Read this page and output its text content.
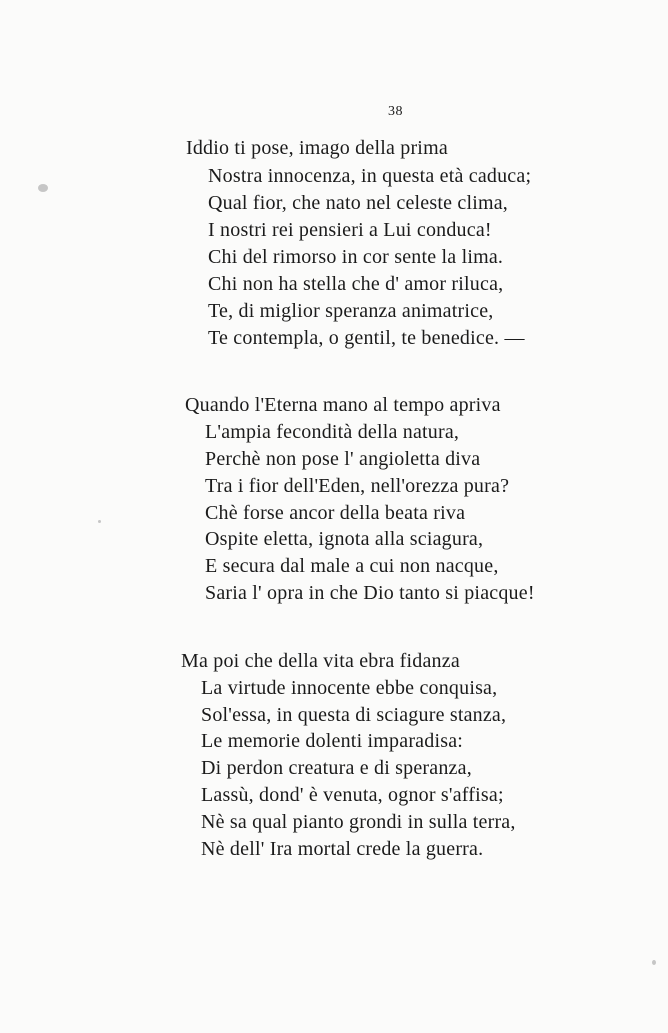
38
Iddio ti pose, imago della prima
Nostra innocenza, in questa età caduca;
Qual fior, che nato nel celeste clima,
I nostri rei pensieri a Lui conduca!
Chi del rimorso in cor sente la lima.
Chi non ha stella che d' amor riluca,
Te, di miglior speranza animatrice,
Te contempla, o gentil, te benedice. —
Quando l'Eterna mano al tempo apriva
L'ampia fecondità della natura,
Perchè non pose l' angioletta diva
Tra i fior dell'Eden, nell'orezza pura?
Chè forse ancor della beata riva
Ospite eletta, ignota alla sciagura,
E secura dal male a cui non nacque,
Saria l' opra in che Dio tanto si piacque!
Ma poi che della vita ebra fidanza
La virtude innocente ebbe conquisa,
Sol'essa, in questa di sciagure stanza,
Le memorie dolenti imparadisa:
Di perdon creatura e di speranza,
Lassù, dond' è venuta, ognor s'affisa;
Nè sa qual pianto grondi in sulla terra,
Nè dell' Ira mortal crede la guerra.
